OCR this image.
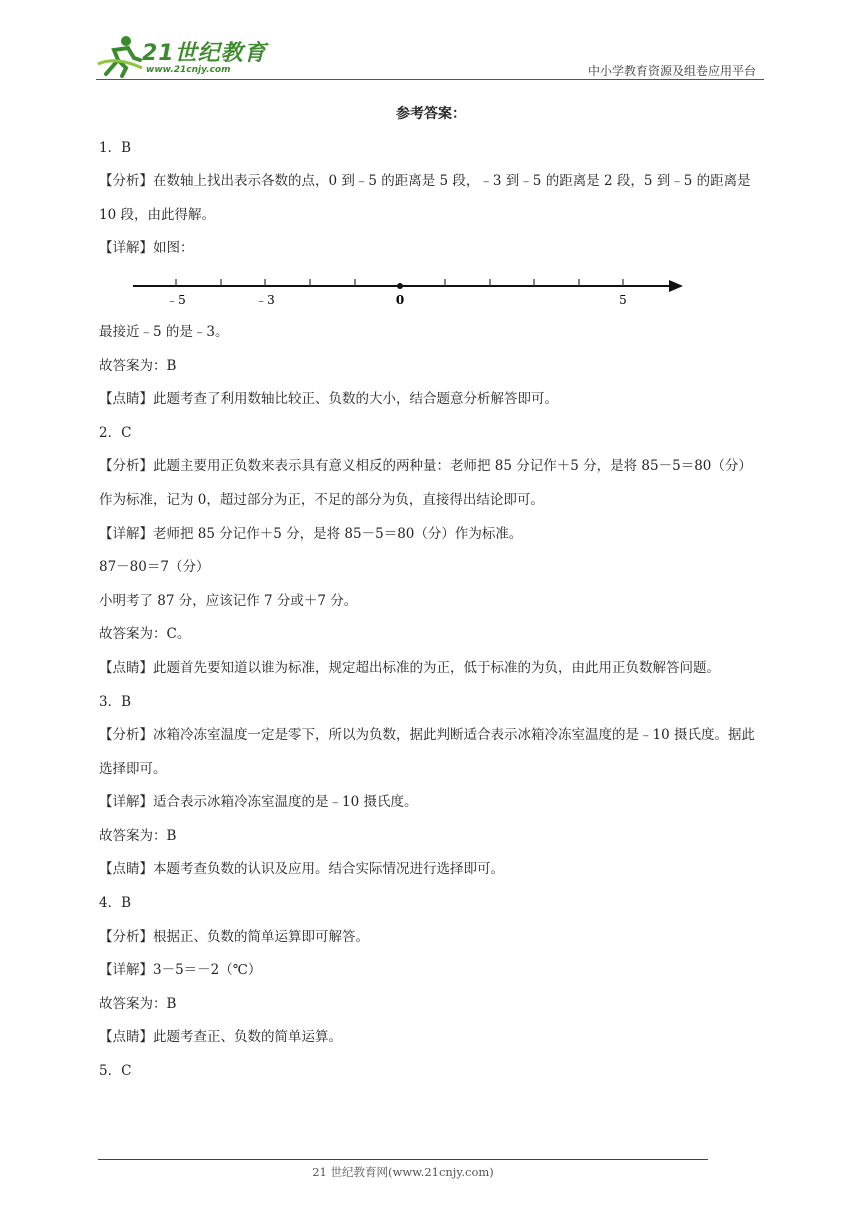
21世纪教育
www.21cnjy.com	中小学教育资源及组卷应用平台

参考答案：

1．B

【分析】在数轴上找出表示各数的点，0 到﹣5 的距离是 5 段，﹣3 到﹣5 的距离是 2 段，5 到﹣5 的距离是 10 段，由此得解。

【详解】如图：

﹣5	﹣3	0	5

最接近﹣5 的是﹣3。

故答案为：B

【点睛】此题考查了利用数轴比较正、负数的大小，结合题意分析解答即可。

2．C

【分析】此题主要用正负数来表示具有意义相反的两种量：老师把 85 分记作＋5 分，是将 85－5＝80（分）作为标准，记为 0，超过部分为正，不足的部分为负，直接得出结论即可。

【详解】老师把 85 分记作＋5 分，是将 85－5＝80（分）作为标准。

87－80＝7（分）

小明考了 87 分，应该记作 7 分或＋7 分。

故答案为：C。

【点睛】此题首先要知道以谁为标准，规定超出标准的为正，低于标准的为负，由此用正负数解答问题。

3．B

【分析】冰箱冷冻室温度一定是零下，所以为负数，据此判断适合表示冰箱冷冻室温度的是﹣10 摄氏度。据此选择即可。

【详解】适合表示冰箱冷冻室温度的是﹣10 摄氏度。

故答案为：B

【点睛】本题考查负数的认识及应用。结合实际情况进行选择即可。

4．B

【分析】根据正、负数的简单运算即可解答。

【详解】3－5＝－2（℃）

故答案为：B

【点睛】此题考查正、负数的简单运算。

5．C

21 世纪教育网(www.21cnjy.com)
